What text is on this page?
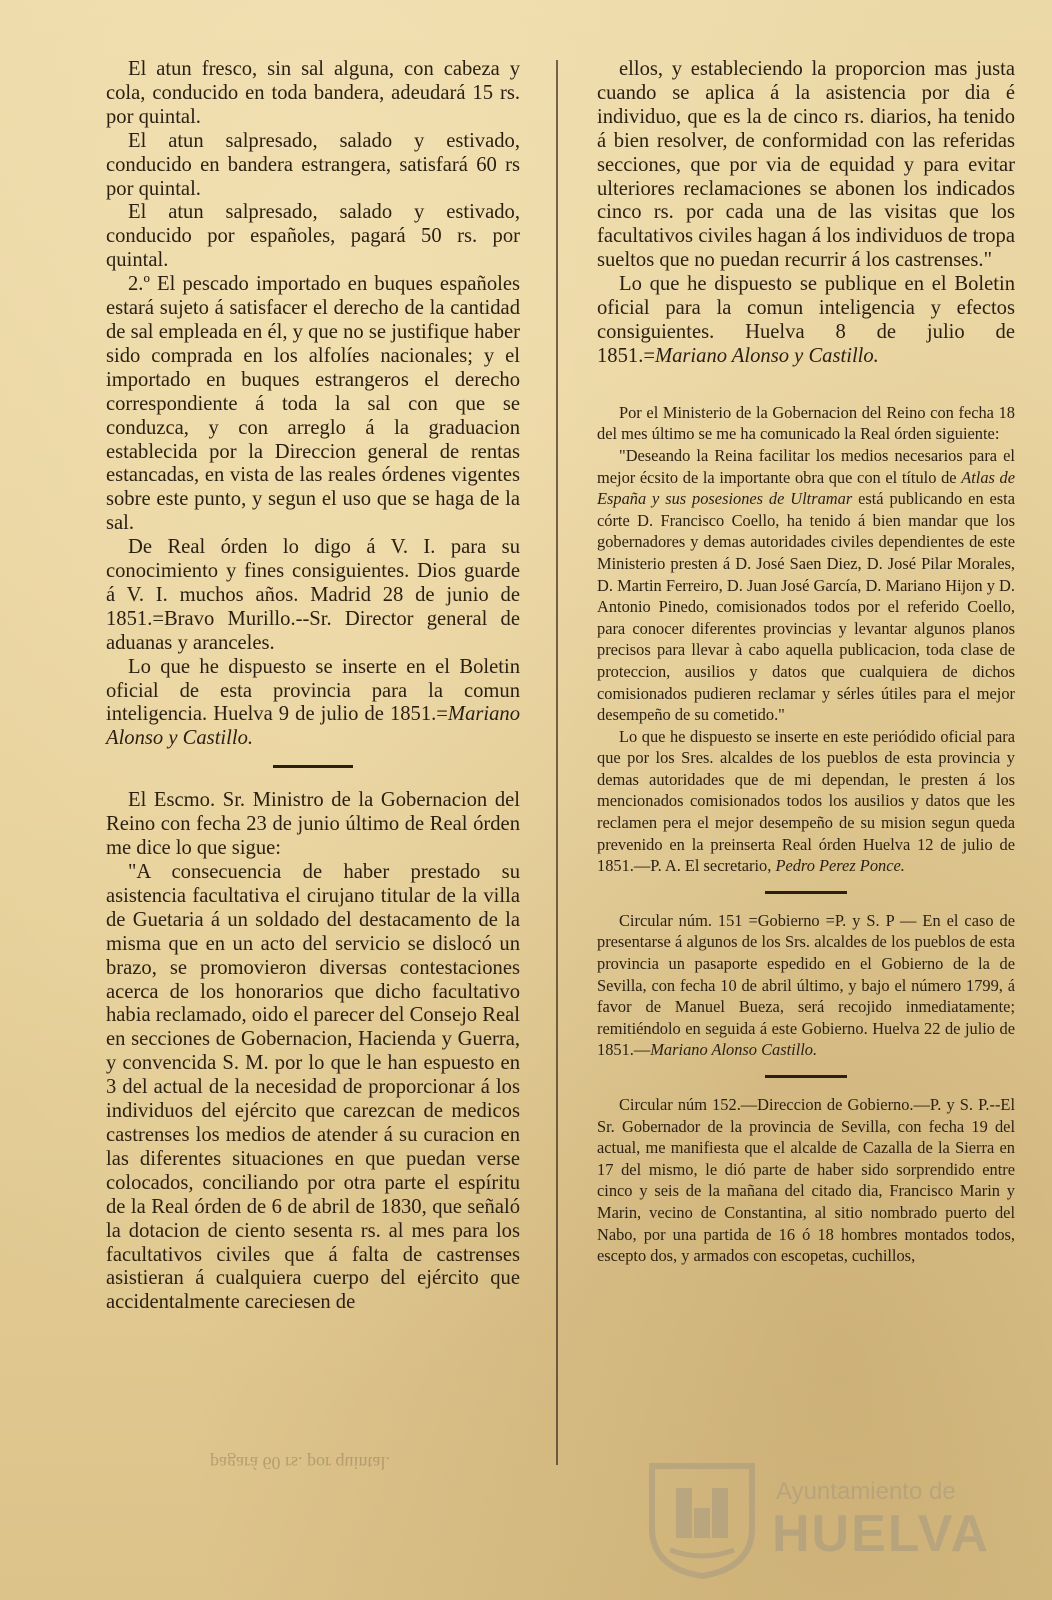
El atun fresco, sin sal alguna, con cabeza y cola, conducido en toda bandera, adeudará 15 rs. por quintal.

El atun salpresado, salado y estivado, conducido en bandera estrangera, satisfará 60 rs por quintal.

El atun salpresado, salado y estivado, conducido por españoles, pagará 50 rs. por quintal.

2.º El pescado importado en buques españoles estará sujeto á satisfacer el derecho de la cantidad de sal empleada en él, y que no se justifique haber sido comprada en los alfolíes nacionales; y el importado en buques estrangeros el derecho correspondiente á toda la sal con que se conduzca, y con arreglo á la graduacion establecida por la Direccion general de rentas estancadas, en vista de las reales órdenes vigentes sobre este punto, y segun el uso que se haga de la sal.

De Real órden lo digo á V. I. para su conocimiento y fines consiguientes. Dios guarde á V. I. muchos años. Madrid 28 de junio de 1851.=Bravo Murillo.--Sr. Director general de aduanas y aranceles.

Lo que he dispuesto se inserte en el Boletin oficial de esta provincia para la comun inteligencia. Huelva 9 de julio de 1851.=Mariano Alonso y Castillo.

El Escmo. Sr. Ministro de la Gobernacion del Reino con fecha 23 de junio último de Real órden me dice lo que sigue:

"A consecuencia de haber prestado su asistencia facultativa el cirujano titular de la villa de Guetaria á un soldado del destacamento de la misma que en un acto del servicio se dislocó un brazo, se promovieron diversas contestaciones acerca de los honorarios que dicho facultativo habia reclamado, oido el parecer del Consejo Real en secciones de Gobernacion, Hacienda y Guerra, y convencida S. M. por lo que le han espuesto en 3 del actual de la necesidad de proporcionar á los individuos del ejército que carezcan de medicos castrenses los medios de atender á su curacion en las diferentes situaciones en que puedan verse colocados, conciliando por otra parte el espíritu de la Real órden de 6 de abril de 1830, que señaló la dotacion de ciento sesenta rs. al mes para los facultativos civiles que á falta de castrenses asistieran á cualquiera cuerpo del ejército que accidentalmente careciesen de

ellos, y estableciendo la proporcion mas justa cuando se aplica á la asistencia por dia é individuo, que es la de cinco rs. diarios, ha tenido á bien resolver, de conformidad con las referidas secciones, que por via de equidad y para evitar ulteriores reclamaciones se abonen los indicados cinco rs. por cada una de las visitas que los facultativos civiles hagan á los individuos de tropa sueltos que no puedan recurrir á los castrenses."

Lo que he dispuesto se publique en el Boletin oficial para la comun inteligencia y efectos consiguientes. Huelva 8 de julio de 1851.=Mariano Alonso y Castillo.

Por el Ministerio de la Gobernacion del Reino con fecha 18 del mes último se me ha comunicado la Real órden siguiente:

"Deseando la Reina facilitar los medios necesarios para el mejor écsito de la importante obra que con el título de Atlas de España y sus posesiones de Ultramar está publicando en esta córte D. Francisco Coello, ha tenido á bien mandar que los gobernadores y demas autoridades civiles dependientes de este Ministerio presten á D. José Saen Diez, D. José Pilar Morales, D. Martin Ferreiro, D. Juan José García, D. Mariano Hijon y D. Antonio Pinedo, comisionados todos por el referido Coello, para conocer diferentes provincias y levantar algunos planos precisos para llevar à cabo aquella publicacion, toda clase de proteccion, ausilios y datos que cualquiera de dichos comisionados pudieren reclamar y sérles útiles para el mejor desempeño de su cometido."

Lo que he dispuesto se inserte en este periódido oficial para que por los Sres. alcaldes de los pueblos de esta provincia y demas autoridades que de mi dependan, le presten á los mencionados comisionados todos los ausilios y datos que les reclamen pera el mejor desempeño de su mision segun queda prevenido en la preinserta Real órden Huelva 12 de julio de 1851.—P. A. El secretario, Pedro Perez Ponce.

Circular núm. 151 =Gobierno =P. y S. P — En el caso de presentarse á algunos de los Srs. alcaldes de los pueblos de esta provincia un pasaporte espedido en el Gobierno de la de Sevilla, con fecha 10 de abril último, y bajo el número 1799, á favor de Manuel Bueza, será recojido inmediatamente; remitiéndolo en seguida á este Gobierno. Huelva 22 de julio de 1851.—Mariano Alonso Castillo.

Circular núm 152.—Direccion de Gobierno.—P. y S. P.--El Sr. Gobernador de la provincia de Sevilla, con fecha 19 del actual, me manifiesta que el alcalde de Cazalla de la Sierra en 17 del mismo, le dió parte de haber sido sorprendido entre cinco y seis de la mañana del citado dia, Francisco Marin y Marin, vecino de Constantina, al sitio nombrado puerto del Nabo, por una partida de 16 ó 18 hombres montados todos, escepto dos, y armados con escopetas, cuchillos,

pagará 60 rs. por quintal.
Ayuntamiento de
HUELVA
